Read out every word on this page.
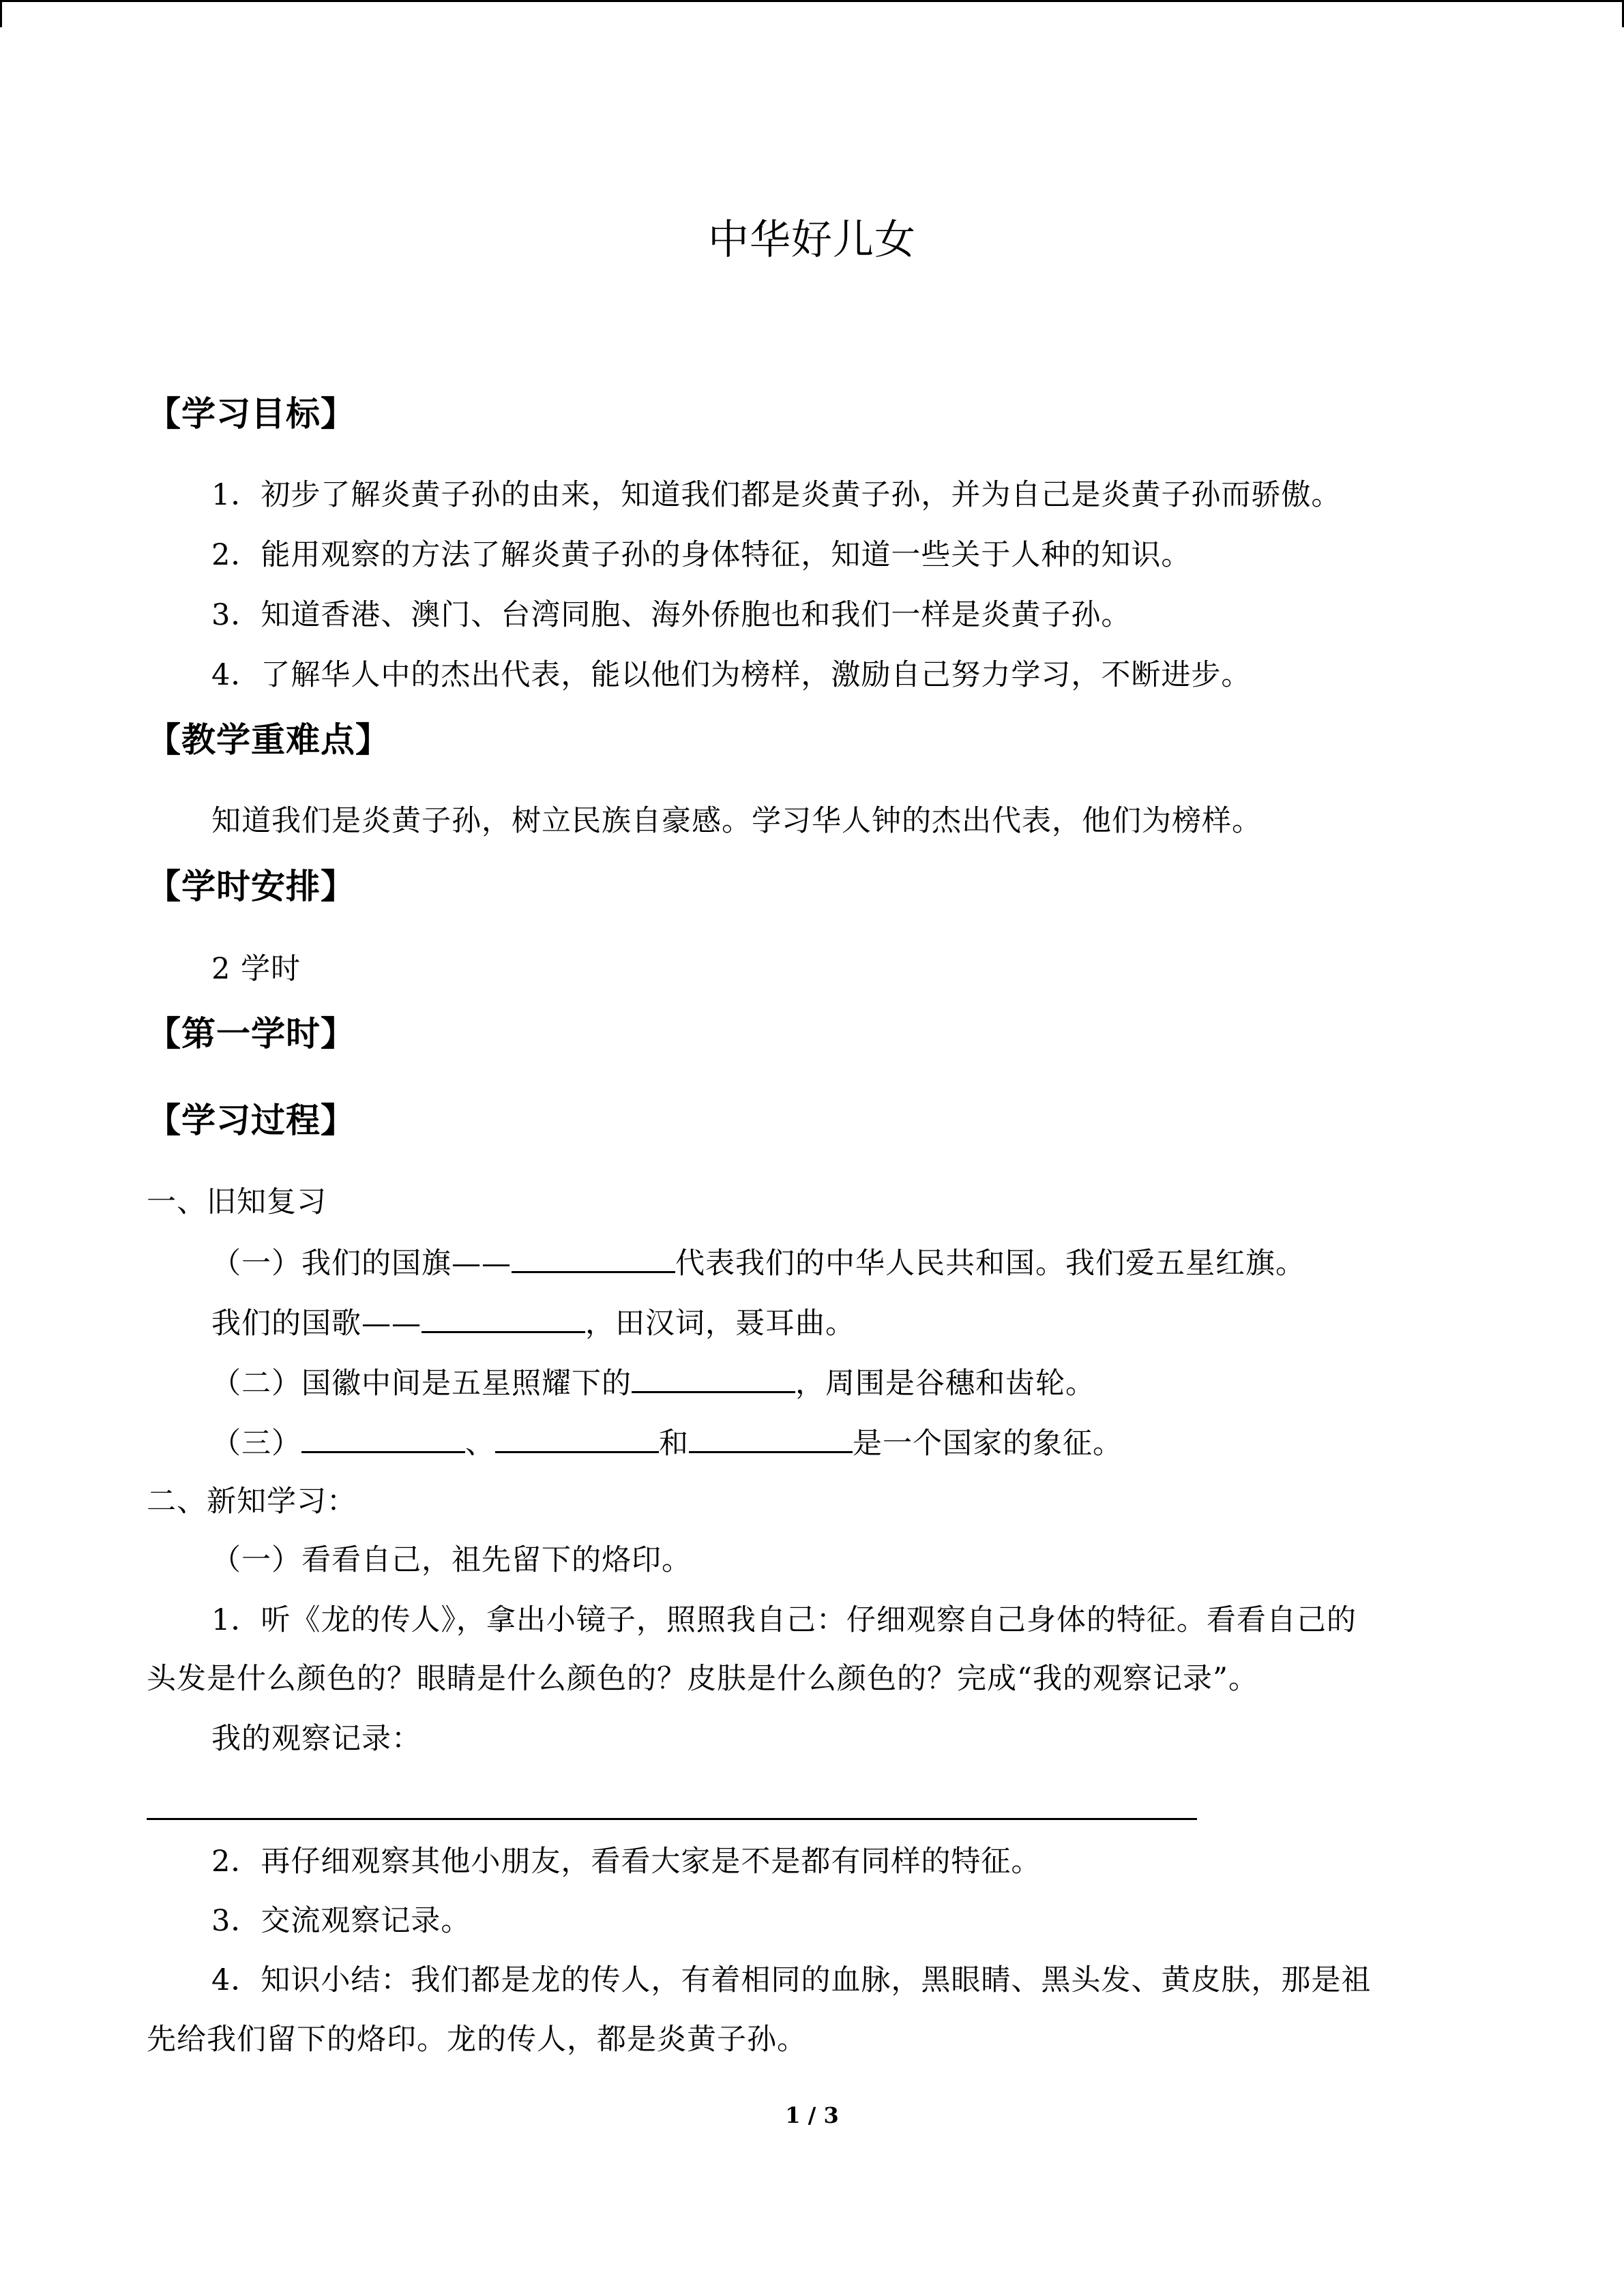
中华好儿女
【学习目标】
1．初步了解炎黄子孙的由来，知道我们都是炎黄子孙，并为自己是炎黄子孙而骄傲。
2．能用观察的方法了解炎黄子孙的身体特征，知道一些关于人种的知识。
3．知道香港、澳门、台湾同胞、海外侨胞也和我们一样是炎黄子孙。
4．了解华人中的杰出代表，能以他们为榜样，激励自己努力学习，不断进步。
【教学重难点】
知道我们是炎黄子孙，树立民族自豪感。学习华人钟的杰出代表，他们为榜样。
【学时安排】
2 学时
【第一学时】
【学习过程】
一、旧知复习
（一）我们的国旗——	代表我们的中华人民共和国。我们爱五星红旗。
我们的国歌——	，田汉词，聂耳曲。
（二）国徽中间是五星照耀下的	，周围是谷穗和齿轮。
（三）	、	和	是一个国家的象征。
二、新知学习：
（一）看看自己，祖先留下的烙印。
1．听《龙的传人》，拿出小镜子，照照我自己：仔细观察自己身体的特征。看看自己的
头发是什么颜色的？眼睛是什么颜色的？皮肤是什么颜色的？完成“我的观察记录”。
我的观察记录：
2．再仔细观察其他小朋友，看看大家是不是都有同样的特征。
3．交流观察记录。
4．知识小结：我们都是龙的传人，有着相同的血脉，黑眼睛、黑头发、黄皮肤，那是祖
先给我们留下的烙印。龙的传人，都是炎黄子孙。
1 / 3
